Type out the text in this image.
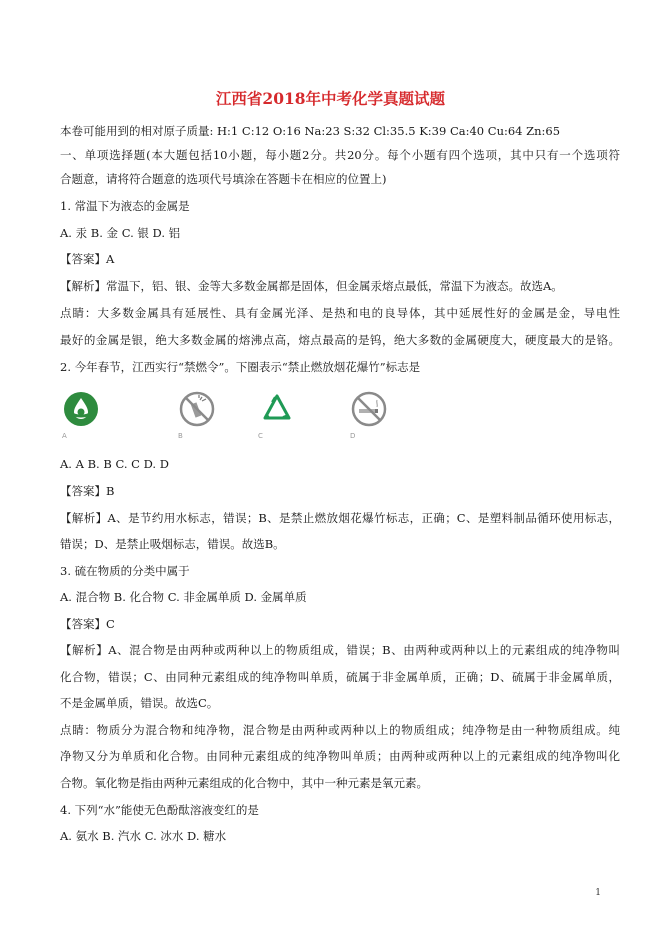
江西省2018年中考化学真题试题
本卷可能用到的相对原子质量: H:1 C:12 O:16 Na:23 S:32 Cl:35.5 K:39 Ca:40 Cu:64 Zn:65
一、单项选择题(本大题包括10小题，每小题2分。共20分。每个小题有四个选项，其中只有一个选项符
合题意，请将符合题意的选项代号填涂在答题卡在相应的位置上)
1. 常温下为液态的金属是
A. 汞 B. 金 C. 银 D. 铝
【答案】A
【解析】常温下，铝、银、金等大多数金属都是固体，但金属汞熔点最低，常温下为液态。故选A。
点睛：大多数金属具有延展性、具有金属光泽、是热和电的良导体，其中延展性好的金属是金，导电性
最好的金属是银，绝大多数金属的熔沸点高，熔点最高的是钨，绝大多数的金属硬度大，硬度最大的是铬。
2. 今年春节，江西实行“禁燃令”。下圈表示“禁止燃放烟花爆竹”标志是
A	B	C	D
A. A B. B C. C D. D
【答案】B
【解析】A、是节约用水标志，错误；B、是禁止燃放烟花爆竹标志，正确；C、是塑料制品循环使用标志，
错误；D、是禁止吸烟标志，错误。故选B。
3. 硫在物质的分类中属于
A. 混合物 B. 化合物 C. 非金属单质 D. 金属单质
【答案】C
【解析】A、混合物是由两种或两种以上的物质组成，错误；B、由两种或两种以上的元素组成的纯净物叫
化合物，错误；C、由同种元素组成的纯净物叫单质，硫属于非金属单质，正确；D、硫属于非金属单质，
不是金属单质，错误。故选C。
点睛：物质分为混合物和纯净物，混合物是由两种或两种以上的物质组成；纯净物是由一种物质组成。纯
净物又分为单质和化合物。由同种元素组成的纯净物叫单质；由两种或两种以上的元素组成的纯净物叫化
合物。氧化物是指由两种元素组成的化合物中，其中一种元素是氧元素。
4. 下列“水”能使无色酚酞溶液变红的是
A. 氨水 B. 汽水 C. 冰水 D. 糖水
1
